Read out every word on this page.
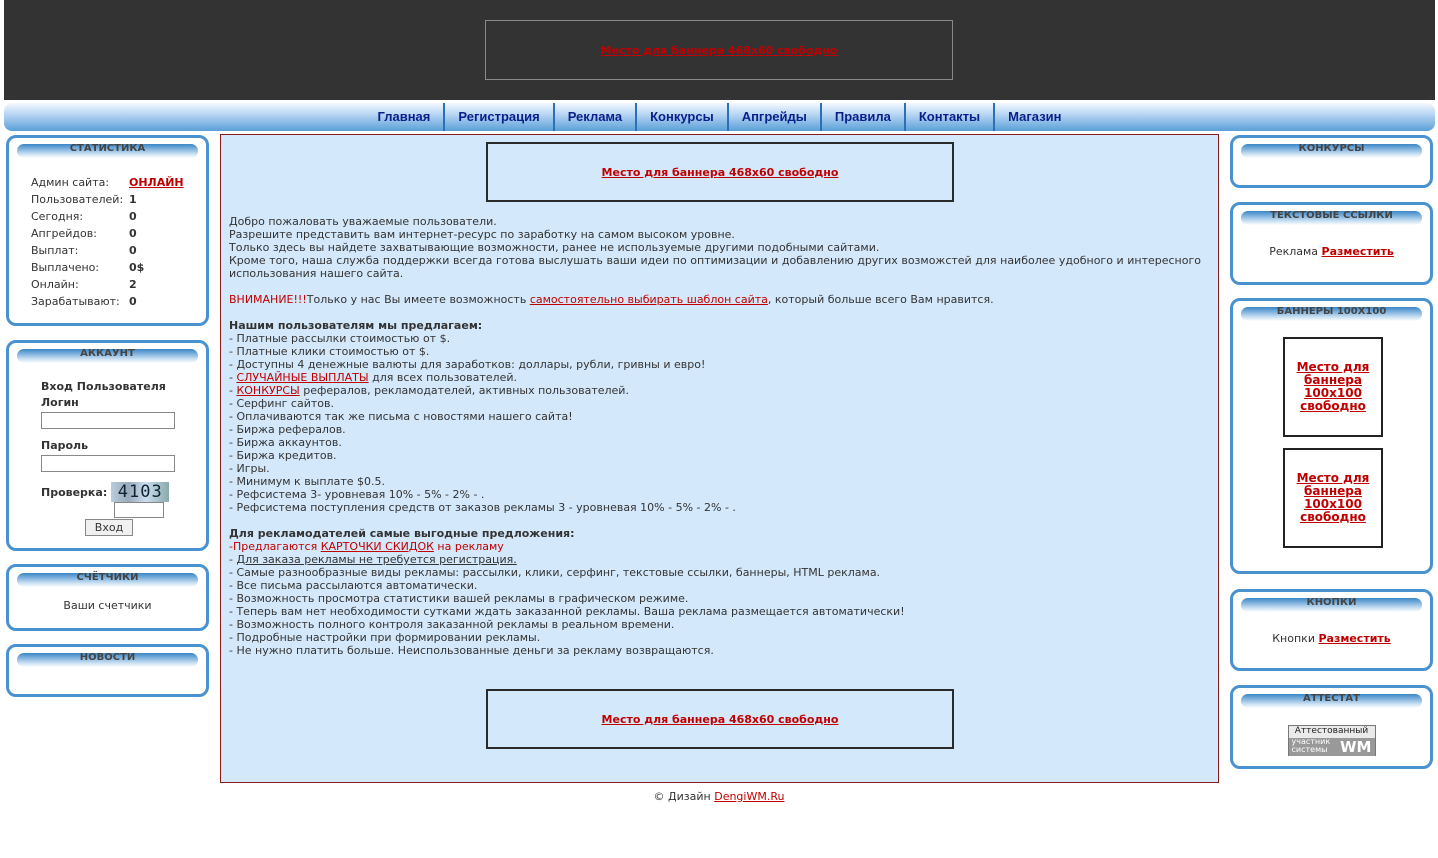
Место для баннера 468x60 свободно
Главная	Регистрация	Реклама	Конкурсы	Апгрейды	Правила	Контакты	Магазин
СТАТИСТИКА
Админ сайта:	ОНЛАЙН
Пользователей:	1
Сегодня:	0
Апгрейдов:	0
Выплат:	0
Выплачено:	0$
Онлайн:	2
Зарабатывают:	0
АККАУНТ
Вход Пользователя
Логин
Пароль
Проверка: 4103
Вход
СЧЁТЧИКИ
Ваши счетчики
НОВОСТИ
Место для баннера 468x60 свободно

Добро пожаловать уважаемые пользователи.

Разрешите представить вам интернет-ресурс по заработку на самом высоком уровне.

Только здесь вы найдете захватывающие возможности, ранее не используемые другими подобными сайтами.

Кроме того, наша служба поддержки всегда готова выслушать ваши идеи по оптимизации и добавлению других возможстей для наиболее удобного и интересного использования нашего сайта.

ВНИМАНИЕ!!!Только у нас Вы имеете возможность самостоятельно выбирать шаблон сайта, который больше всего Вам нравится.

Нашим пользователям мы предлагаем:

- Платные рассылки стоимостью от $.

- Платные клики стоимостью от $.

- Доступны 4 денежные валюты для заработков: доллары, рубли, гривны и евро!

- СЛУЧАЙНЫЕ ВЫПЛАТЫ для всех пользователей.

- КОНКУРСЫ рефералов, рекламодателей, активных пользователей.

- Серфинг сайтов.

- Оплачиваются так же письма с новостями нашего сайта!

- Биржа рефералов.

- Биржа аккаунтов.

- Биржа кредитов.

- Игры.

- Минимум к выплате $0.5.

- Рефсистема 3- уровневая 10% - 5% - 2% - .

- Рефсистема поступления средств от заказов рекламы 3 - уровневая 10% - 5% - 2% - .

Для рекламодателей самые выгодные предложения:

-Предлагаются КАРТОЧКИ СКИДОК на рекламу

- Для заказа рекламы не требуется регистрация.

- Самые разнообразные виды рекламы: рассылки, клики, серфинг, текстовые ссылки, баннеры, HTML реклама.

- Все письма рассылаются автоматически.

- Возможность просмотра статистики вашей рекламы в графическом режиме.

- Теперь вам нет необходимости сутками ждать заказанной рекламы. Ваша реклама размещается автоматически!

- Возможность полного контроля заказанной рекламы в реальном времени.

- Подробные настройки при формировании рекламы.

- Не нужно платить больше. Неиспользованные деньги за рекламу возвращаются.

Место для баннера 468x60 свободно
КОНКУРСЫ
ТЕКСТОВЫЕ ССЫЛКИ
Реклама Разместить
БАННЕРЫ 100X100
Место для баннера 100x100 свободно
Место для баннера 100x100 свободно
КНОПКИ
Кнопки Разместить
АТТЕСТАТ
Аттестованный
участник
системы WM
© Дизайн DengiWM.Ru
